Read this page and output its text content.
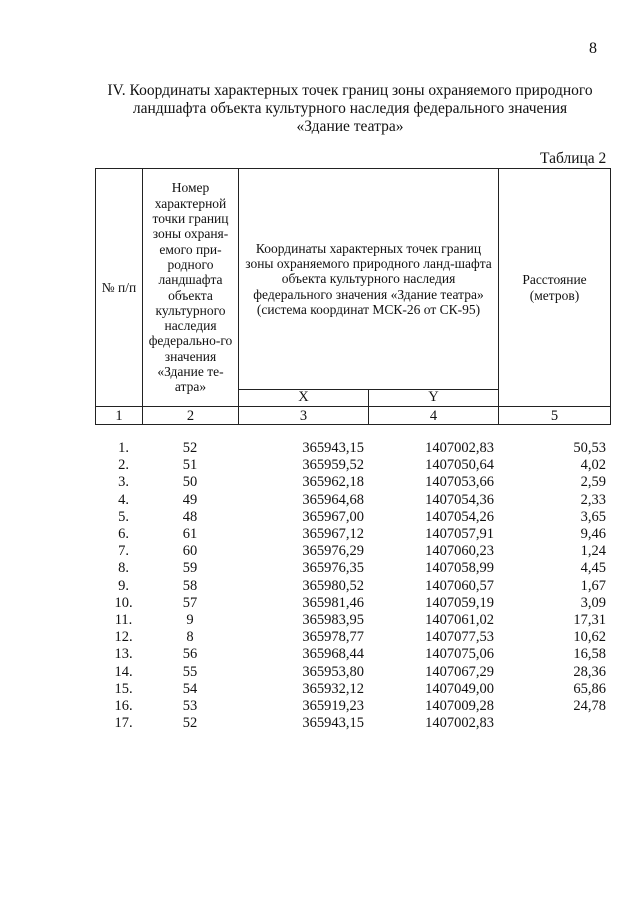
8
IV. Координаты характерных точек границ зоны охраняемого природного
ландшафта объекта культурного наследия федерального значения
«Здание театра»
Таблица 2
№ п/п	Номер характерной точки границ зоны охраня-емого при-родного ландшафта объекта культурного наследия федерально-го значения «Здание те-атра»	Координаты характерных точек границ зоны охраняемого природного ланд-шафта объекта культурного наследия федерального значения «Здание театра» (система координат МСК-26 от СК-95)		Расстояние (метров)
		X	Y	
1	2	3	4	5
1.	52	365943,15	1407002,83	50,53
2.	51	365959,52	1407050,64	4,02
3.	50	365962,18	1407053,66	2,59
4.	49	365964,68	1407054,36	2,33
5.	48	365967,00	1407054,26	3,65
6.	61	365967,12	1407057,91	9,46
7.	60	365976,29	1407060,23	1,24
8.	59	365976,35	1407058,99	4,45
9.	58	365980,52	1407060,57	1,67
10.	57	365981,46	1407059,19	3,09
11.	9	365983,95	1407061,02	17,31
12.	8	365978,77	1407077,53	10,62
13.	56	365968,44	1407075,06	16,58
14.	55	365953,80	1407067,29	28,36
15.	54	365932,12	1407049,00	65,86
16.	53	365919,23	1407009,28	24,78
17.	52	365943,15	1407002,83	
